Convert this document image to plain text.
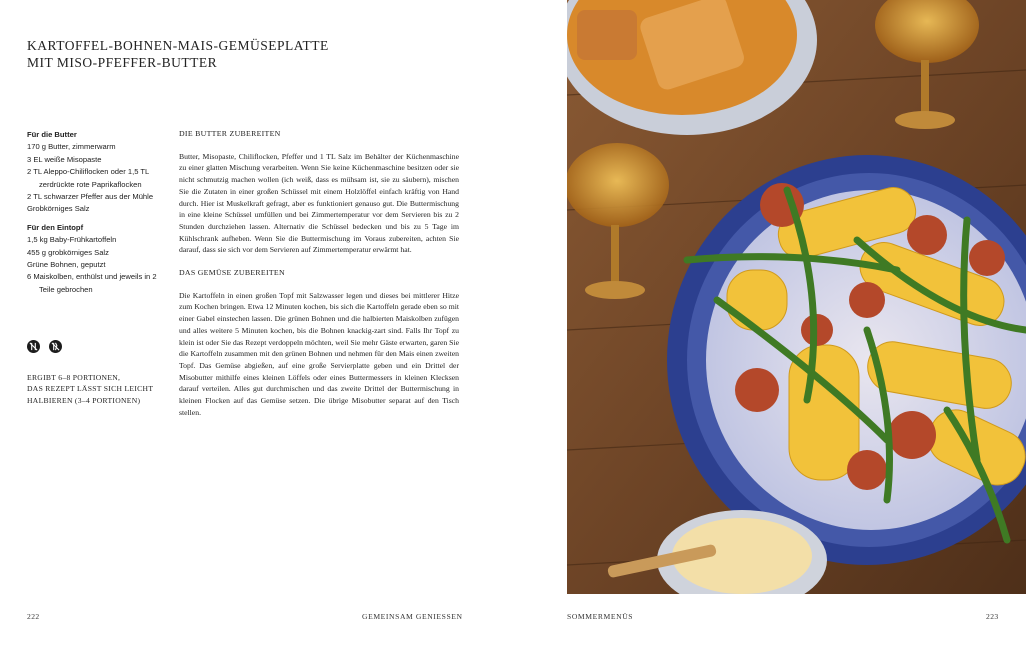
KARTOFFEL-BOHNEN-MAIS-GEMÜSEPLATTE
MIT MISO-PFEFFER-BUTTER
Für die Butter
170 g Butter, zimmerwarm
3 EL weiße Misopaste
2 TL Aleppo-Chiliflocken oder 1,5 TL zerdrückte rote Paprikaflocken
2 TL schwarzer Pfeffer aus der Mühle
Grobkörniges Salz
Für den Eintopf
1,5 kg Baby-Frühkartoffeln
455 g grobkörniges Salz
Grüne Bohnen, geputzt
6 Maiskolben, enthülst und jeweils in 2 Teile gebrochen
ERGIBT 6–8 PORTIONEN,
DAS REZEPT LÄSST SICH LEICHT
HALBIEREN (3–4 PORTIONEN)
DIE BUTTER ZUBEREITEN

Butter, Misopaste, Chiliflocken, Pfeffer und 1 TL Salz im Behälter der Küchenmaschine zu einer glatten Mischung verarbeiten. Wenn Sie keine Küchenmaschine besitzen oder sie nicht schmutzig machen wollen (ich weiß, dass es mühsam ist, sie zu säubern), mischen Sie die Zutaten in einer großen Schüssel mit einem Holzlöffel einfach kräftig von Hand durch. Hier ist Muskelkraft gefragt, aber es funktioniert genauso gut. Die Buttermischung in eine kleine Schüssel umfüllen und bei Zimmertemperatur vor dem Servieren bis zu 2 Stunden durchziehen lassen. Alternativ die Schüssel bedecken und bis zu 5 Tage im Kühlschrank aufheben. Wenn Sie die Buttermischung im Voraus zubereiten, achten Sie darauf, dass sie sich vor dem Servieren auf Zimmertemperatur erwärmt hat.

DAS GEMÜSE ZUBEREITEN

Die Kartoffeln in einen großen Topf mit Salzwasser legen und dieses bei mittlerer Hitze zum Kochen bringen. Etwa 12 Minuten kochen, bis sich die Kartoffeln gerade eben so mit einer Gabel einstechen lassen. Die grünen Bohnen und die halbierten Maiskolben zufügen und alles weitere 5 Minuten kochen, bis die Bohnen knackig-zart sind. Falls Ihr Topf zu klein ist oder Sie das Rezept verdoppeln möchten, weil Sie mehr Gäste erwarten, garen Sie die Kartoffeln zusammen mit den grünen Bohnen und nehmen für den Mais einen zweiten Topf. Das Gemüse abgießen, auf eine große Servierplatte geben und ein Drittel der Misobutter mithilfe eines kleinen Löffels oder eines Buttermessers in kleinen Klecksen darauf verteilen. Alles gut durchmischen und das zweite Drittel der Buttermischung in kleinen Flocken auf das Gemüse setzen. Die übrige Misobutter separat auf den Tisch stellen.

222	GEMEINSAM GENIESSEN	SOMMERMENÜS	223
